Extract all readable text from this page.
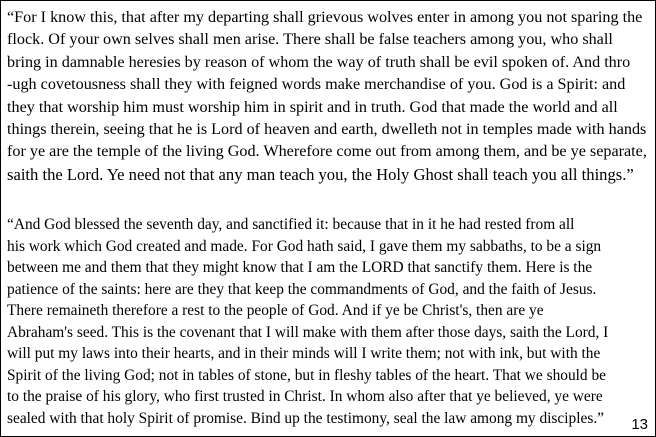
“For I know this, that after my departing shall grievous wolves enter in among you not sparing the
flock. Of your own selves shall men arise. There shall be false teachers among you, who shall
bring in damnable heresies by reason of whom the way of truth shall be evil spoken of. And thro
-ugh covetousness shall they with feigned words make merchandise of you. God is a Spirit: and
they that worship him must worship him in spirit and in truth. God that made the world and all
things therein, seeing that he is Lord of heaven and earth, dwelleth not in temples made with hands
for ye are the temple of the living God. Wherefore come out from among them, and be ye separate,
saith the Lord. Ye need not that any man teach you, the Holy Ghost shall teach you all things.”
“And God blessed the seventh day, and sanctified it: because that in it he had rested from all
his work which God created and made. For God hath said, I gave them my sabbaths, to be a sign
between me and them that they might know that I am the LORD that sanctify them. Here is the
patience of the saints: here are they that keep the commandments of God, and the faith of Jesus.
There remaineth therefore a rest to the people of God. And if ye be Christ's, then are ye
Abraham's seed. This is the covenant that I will make with them after those days, saith the Lord, I
will put my laws into their hearts, and in their minds will I write them; not with ink, but with the
Spirit of the living God; not in tables of stone, but in fleshy tables of the heart. That we should be
to the praise of his glory, who first trusted in Christ. In whom also after that ye believed, ye were
sealed with that holy Spirit of promise. Bind up the testimony, seal the law among my disciples.” 13
